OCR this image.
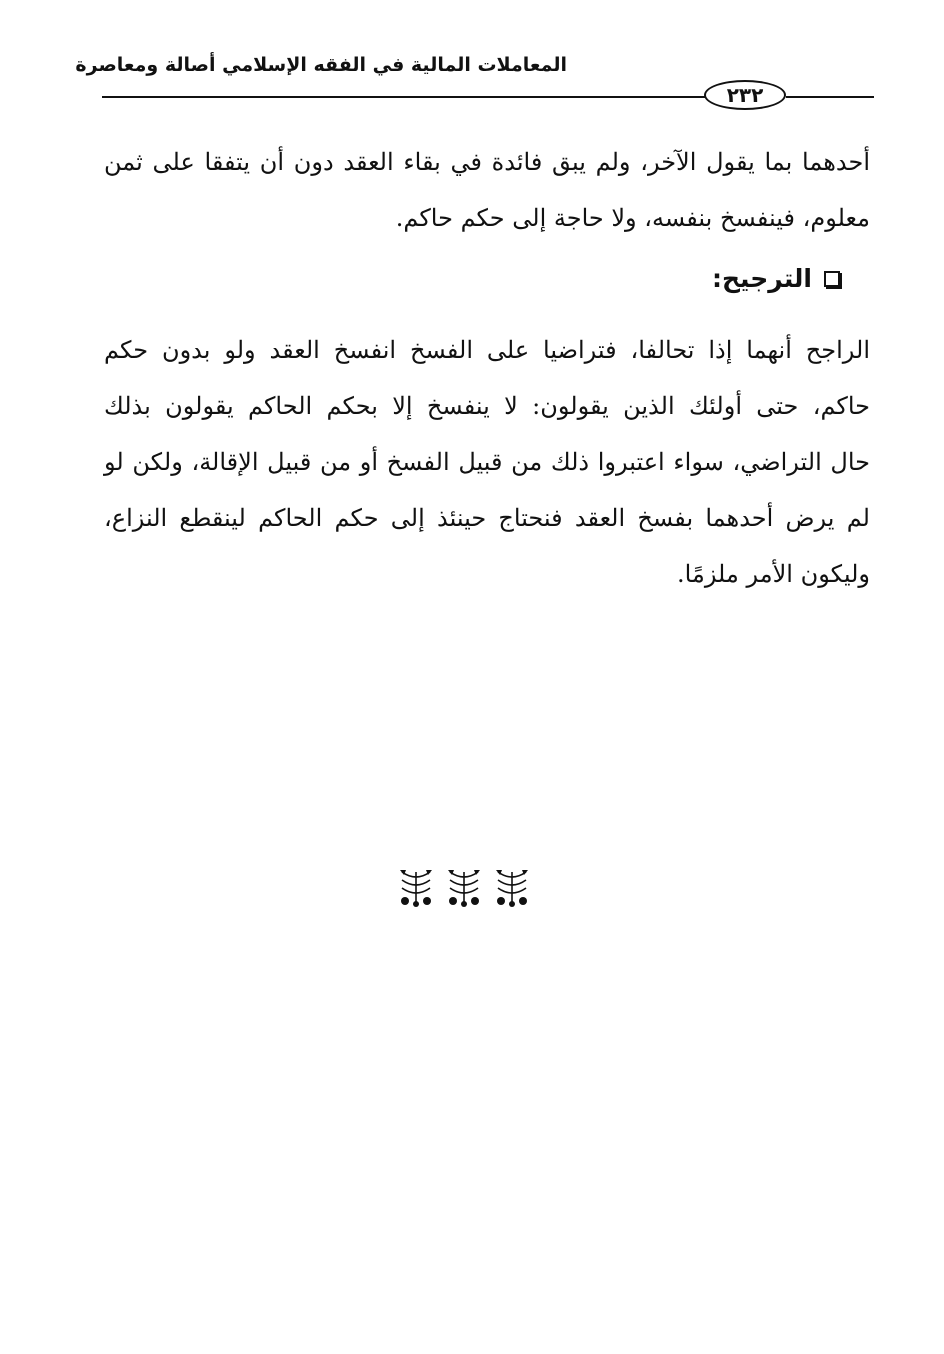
المعاملات المالية في الفقه الإسلامي أصالة ومعاصرة
٢٣٢
أحدهما بما يقول الآخر، ولم يبق فائدة في بقاء العقد دون أن يتفقا على ثمن
معلوم، فينفسخ بنفسه، ولا حاجة إلى حكم حاكم.
الترجيح:
الراجح أنهما إذا تحالفا، فتراضيا على الفسخ انفسخ العقد ولو بدون حكم
حاكم، حتى أولئك الذين يقولون: لا ينفسخ إلا بحكم الحاكم يقولون بذلك
حال التراضي، سواء اعتبروا ذلك من قبيل الفسخ أو من قبيل الإقالة، ولكن لو
لم يرض أحدهما بفسخ العقد فنحتاج حينئذ إلى حكم الحاكم لينقطع النزاع،
وليكون الأمر ملزمًا.
